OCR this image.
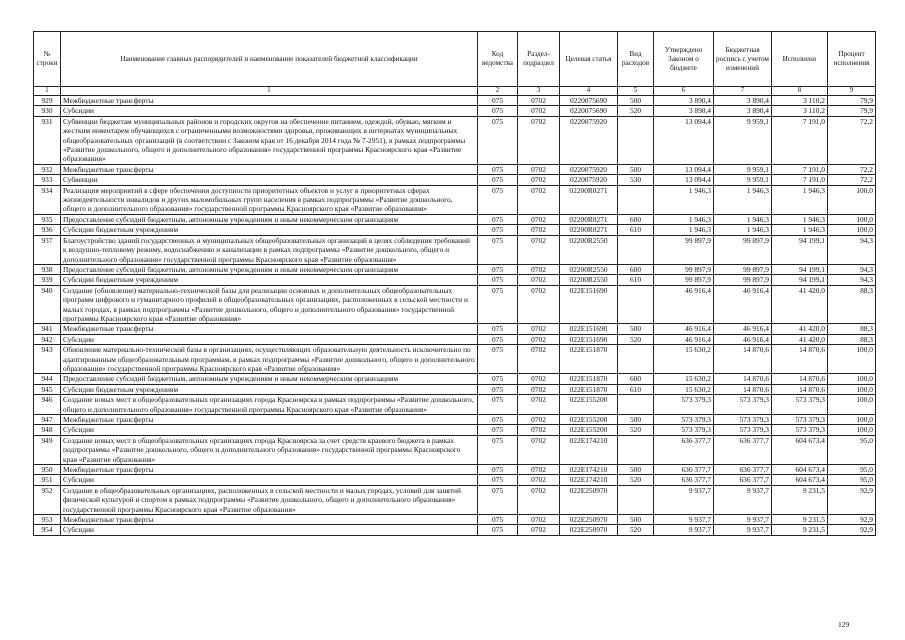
№ строки	Наименование главных распорядителей и наименование показателей бюджетной классификации	Код ведомства	Раздел-подраздел	Целевая статья	Вид расходов	Утверждено Законом о бюджете	Бюджетная роспись с учетом изменений	Исполнено	Процент исполнения
1	1	2	3	4	5	6	7	8	9
929	Межбюджетные трансферты	075	0702	0220075690	500	3 890,4	3 890,4	3 110,2	79,9
930	Субсидии	075	0702	0220075690	520	3 890,4	3 890,4	3 110,2	79,9
931	Субвенции бюджетам муниципальных районов и городских округов на обеспечение питанием, одеждой, обувью, мягким и жестким инвентарем обучающихся с ограниченными возможностями здоровья, проживающих в интернатах муниципальных общеобразовательных организаций (в соответствии с Законом края от 16 декабря 2014 года № 7-2951), в рамках подпрограммы «Развитие дошкольного, общего и дополнительного образования» государственной программы Красноярского края «Развитие образования»	075	0702	0220075920		13 094,4	9 959,1	7 191,0	72,2
932	Межбюджетные трансферты	075	0702	0220075920	500	13 094,4	9 959,1	7 191,0	72,2
933	Субвенции	075	0702	0220075920	530	13 094,4	9 959,1	7 191,0	72,2
934	Реализация мероприятий в сфере обеспечения доступности приоритетных объектов и услуг в приоритетных сферах жизнедеятельности инвалидов и других маломобильных групп населения в рамках подпрограммы «Развитие дошкольного, общего и дополнительного образования» государственной программы Красноярского края «Развитие образования»	075	0702	02200R0271		1 946,3	1 946,3	1 946,3	100,0
935	Предоставление субсидий бюджетным, автономным учреждениям и иным некоммерческим организациям	075	0702	02200R0271	600	1 946,3	1 946,3	1 946,3	100,0
936	Субсидии бюджетным учреждениям	075	0702	02200R0271	610	1 946,3	1 946,3	1 946,3	100,0
937	Благоустройство зданий государственных и муниципальных общеобразовательных организаций в целях соблюдения требований к воздушно-тепловому режиму, водоснабжению и канализации в рамках подпрограммы «Развитие дошкольного, общего и дополнительного образования» государственной программы Красноярского края «Развитие образования»	075	0702	02200R2550		99 897,9	99 897,9	94 199,1	94,3
938	Предоставление субсидий бюджетным, автономным учреждениям и иным некоммерческим организациям	075	0702	02200R2550	600	99 897,9	99 897,9	94 199,1	94,3
939	Субсидии бюджетным учреждениям	075	0702	02200R2550	610	99 897,9	99 897,9	94 199,1	94,3
940	Создание (обновление) материально-технической базы для реализации основных и дополнительных общеобразовательных программ цифрового и гуманитарного профилей в общеобразовательных организациях, расположенных в сельской местности и малых городах, в рамках подпрограммы «Развитие дошкольного, общего и дополнительного образования» государственной программы Красноярского края «Развитие образования»	075	0702	022E151690		46 916,4	46 916,4	41 420,0	88,3
941	Межбюджетные трансферты	075	0702	022E151690	500	46 916,4	46 916,4	41 420,0	88,3
942	Субсидии	075	0702	022E151690	520	46 916,4	46 916,4	41 420,0	88,3
943	Обновление материально-технической базы в организациях, осуществляющих образовательную деятельность исключительно по адаптированным общеобразовательным программам, в рамках подпрограммы «Развитие дошкольного, общего и дополнительного образования» государственной программы Красноярского края «Развитие образования»	075	0702	022E151870		15 630,2	14 870,6	14 870,6	100,0
944	Предоставление субсидий бюджетным, автономным учреждениям и иным некоммерческим организациям	075	0702	022E151870	600	15 630,2	14 870,6	14 870,6	100,0
945	Субсидии бюджетным учреждениям	075	0702	022E151870	610	15 630,2	14 870,6	14 870,6	100,0
946	Создание новых мест в общеобразовательных организациях города Красноярска в рамках подпрограммы «Развитие дошкольного, общего и дополнительного образования» государственной программы Красноярского края «Развитие образования»	075	0702	022E155200		573 379,3	573 379,3	573 379,3	100,0
947	Межбюджетные трансферты	075	0702	022E155200	500	573 379,3	573 379,3	573 379,3	100,0
948	Субсидии	075	0702	022E155200	520	573 379,3	573 379,3	573 379,3	100,0
949	Создание новых мест в общеобразовательных организациях города Красноярска за счет средств краевого бюджета в рамках подпрограммы «Развитие дошкольного, общего и дополнительного образования» государственной программы Красноярского края «Развитие образования»	075	0702	022E174210		636 377,7	636 377,7	604 673,4	95,0
950	Межбюджетные трансферты	075	0702	022E174210	500	636 377,7	636 377,7	604 673,4	95,0
951	Субсидии	075	0702	022E174210	520	636 377,7	636 377,7	604 673,4	95,0
952	Создание в общеобразовательных организациях, расположенных в сельской местности и малых городах, условий для занятий физической культурой и спортом в рамках подпрограммы «Развитие дошкольного, общего и дополнительного образования» государственной программы Красноярского края «Развитие образования»	075	0702	022E250970		9 937,7	9 937,7	9 231,5	92,9
953	Межбюджетные трансферты	075	0702	022E250970	500	9 937,7	9 937,7	9 231,5	92,9
954	Субсидии	075	0702	022E250970	520	9 937,7	9 937,7	9 231,5	92,9
129
